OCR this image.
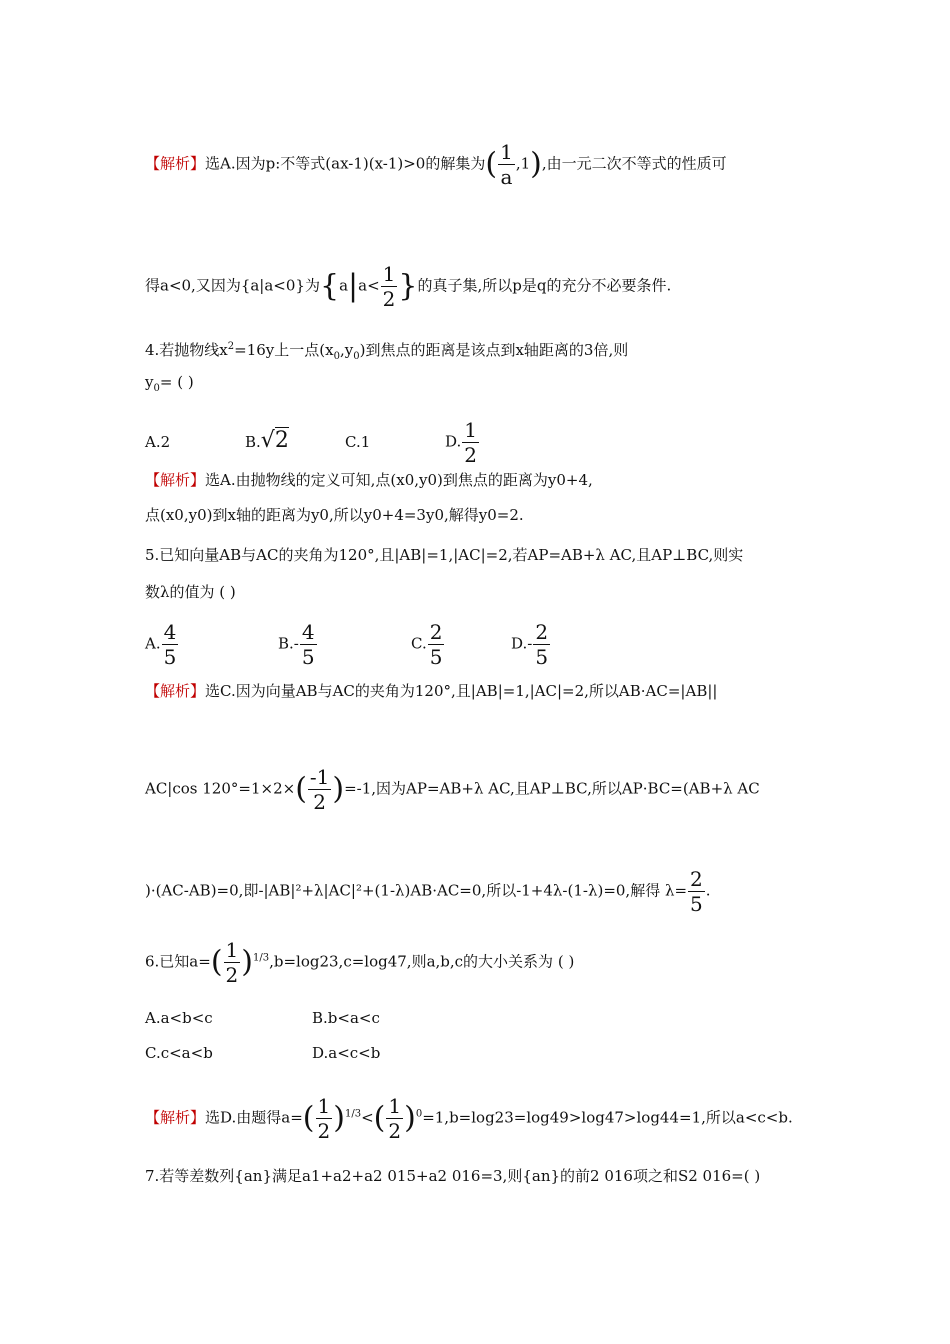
【解析】选A.因为p:不等式(ax-1)(x-1)>0的解集为( $\frac{1}{a} ,1$),由一元二次不等式的性质可
得a<0,又因为{a|a<0}为{$a|a< \frac{1}{2}$ }的真子集,所以p是q的充分不必要条件.
4.若抛物线$x^2=16y$上一点$(x_0,y_0)$到焦点的距离是该点到x轴距离的3倍,则
$y_0=$ ( )
A.2	B.√2	C.1	D. $\frac{1}{2}$
【解析】选A.由抛物线的定义可知,点(x0,y0)到焦点的距离为y0+4,
点(x0,y0)到x轴的距离为y0,所以y0+4=3y0,解得y0=2.
5.已知向量AB与AC的夹角为120°,且|AB|=1,|AC|=2,若AP=AB+λ AC,且AP⊥BC,则实
数λ的值为 ( )
A. $\frac{4}{5}$	$B.- \frac{4}{5}$	C. $\frac{2}{5}$	$D.- \frac{2}{5}$
【解析】选C.因为向量AB与AC的夹角为120°,且|AB|=1,|AC|=2,所以AB·AC=|AB||
AC|cos $120^\circ=1\times 2\times( \frac{-1}{2} )=-1$,因为AP=AB+λ AC,且AP⊥BC,所以AP·BC=(AB+λ AC
)·(AC-AB)=0,即-|AB|²+λ|AC|²+(1-λ)AB·AC=0,所以-1+4λ-(1-λ)=0,解得 $\lambda= \frac{2}{5}$ .
6.已知$a=( \frac{1}{2} )^{1/3},b=\log 23,c=\log 47$,则a,b,c的大小关系为 ( )
A.a<b<c	B.b<a<c
C.c<a<b	D.a<c<b
【解析】选D.由题得$a=( \frac{1}{2} )^{1/3}<( \frac{1}{2} )^0=1,b=\log 23=\log 49>\log 47>\log 44=1$,所以a<c<b.
7.若等差数列{an}满足a1+a2+a2 015+a2 016=3,则{an}的前2 016项之和S2 016=( )
